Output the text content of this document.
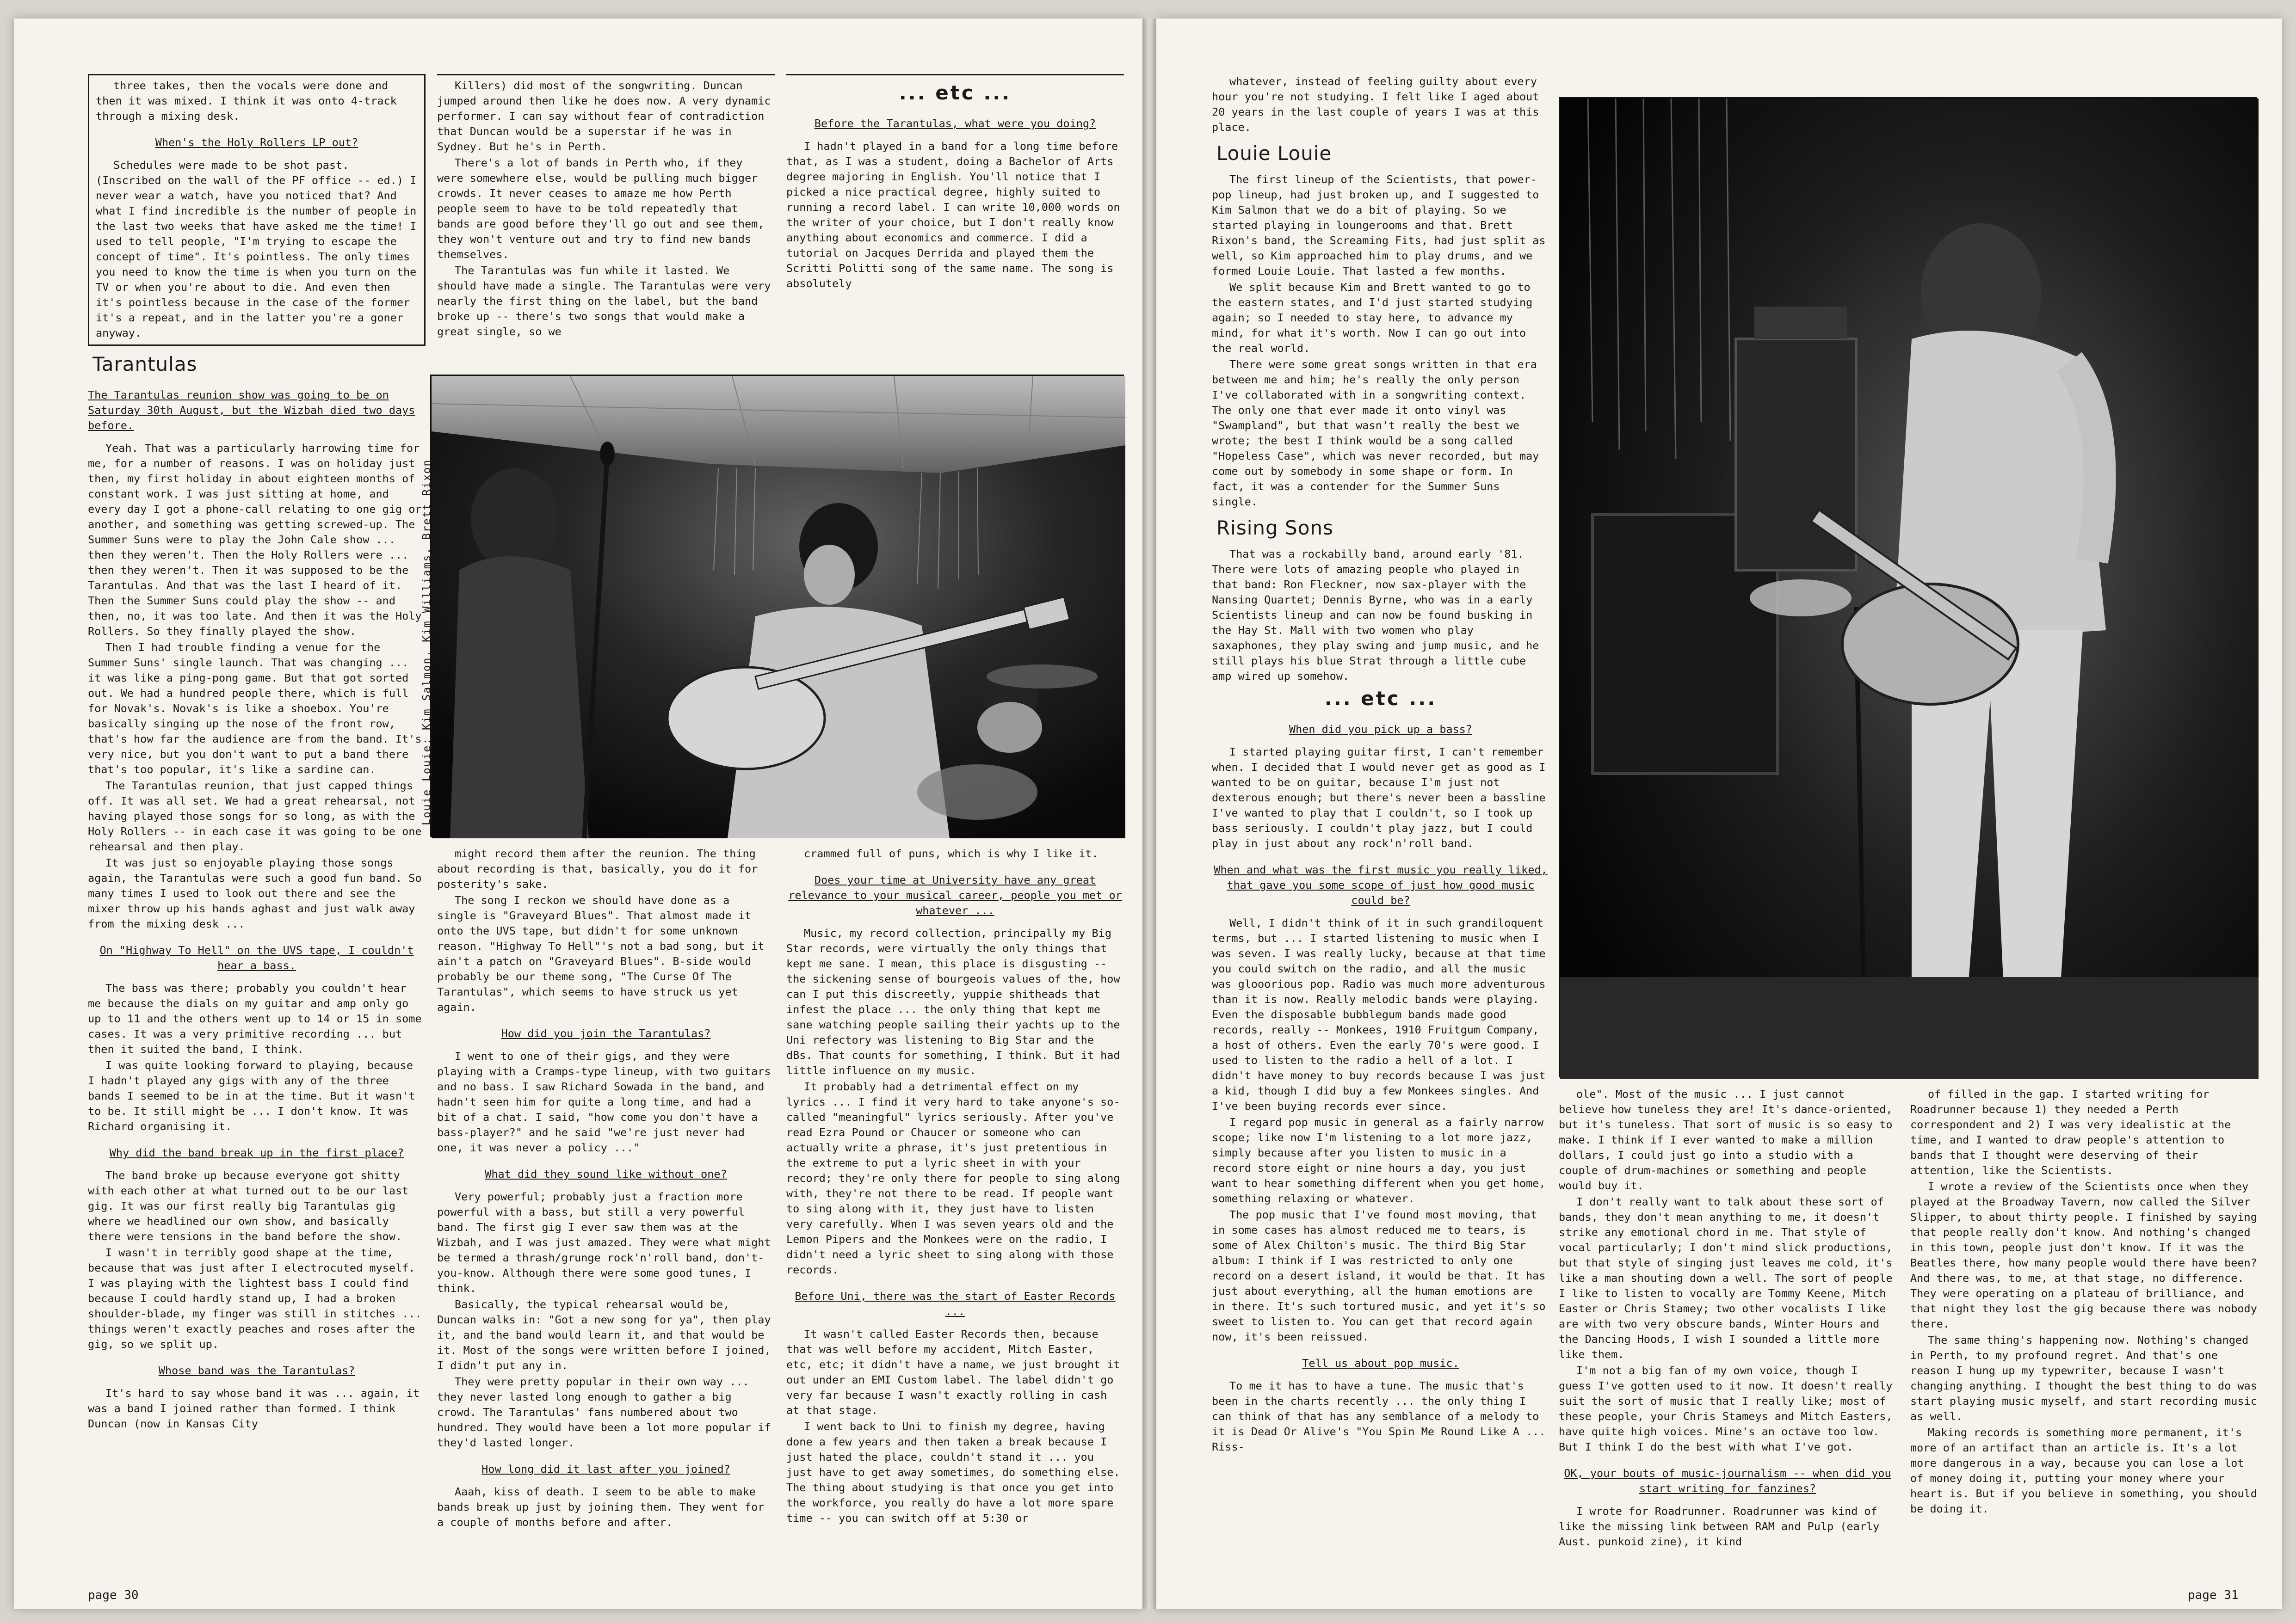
three takes, then the vocals were done and then it was mixed. I think it was onto 4-track through a mixing desk.

When's the Holy Rollers LP out?

Schedules were made to be shot past. (Inscribed on the wall of the PF office -- ed.) I never wear a watch, have you noticed that? And what I find incredible is the number of people in the last two weeks that have asked me the time! I used to tell people, "I'm trying to escape the concept of time". It's pointless. The only times you need to know the time is when you turn on the TV or when you're about to die. And even then it's pointless because in the case of the former it's a repeat, and in the latter you're a goner anyway.

Tarantulas
The Tarantulas reunion show was going to be on Saturday 30th August, but the Wizbah died two days before.

Yeah. That was a particularly harrowing time for me, for a number of reasons. I was on holiday just then, my first holiday in about eighteen months of constant work. I was just sitting at home, and every day I got a phone-call relating to one gig or another, and something was getting screwed-up. The Summer Suns were to play the John Cale show ... then they weren't. Then the Holy Rollers were ... then they weren't. Then it was supposed to be the Tarantulas. And that was the last I heard of it. Then the Summer Suns could play the show -- and then, no, it was too late. And then it was the Holy Rollers. So they finally played the show.

Then I had trouble finding a venue for the Summer Suns' single launch. That was changing ... it was like a ping-pong game. But that got sorted out. We had a hundred people there, which is full for Novak's. Novak's is like a shoebox. You're basically singing up the nose of the front row, that's how far the audience are from the band. It's very nice, but you don't want to put a band there that's too popular, it's like a sardine can.

The Tarantulas reunion, that just capped things off. It was all set. We had a great rehearsal, not having played those songs for so long, as with the Holy Rollers -- in each case it was going to be one rehearsal and then play.

It was just so enjoyable playing those songs again, the Tarantulas were such a good fun band. So many times I used to look out there and see the mixer throw up his hands aghast and just walk away from the mixing desk ...

On "Highway To Hell" on the UVS tape, I couldn't hear a bass.

The bass was there; probably you couldn't hear me because the dials on my guitar and amp only go up to 11 and the others went up to 14 or 15 in some cases. It was a very primitive recording ... but then it suited the band, I think.

I was quite looking forward to playing, because I hadn't played any gigs with any of the three bands I seemed to be in at the time. But it wasn't to be. It still might be ... I don't know. It was Richard organising it.

Why did the band break up in the first place?

The band broke up because everyone got shitty with each other at what turned out to be our last gig. It was our first really big Tarantulas gig where we headlined our own show, and basically there were tensions in the band before the show.

I wasn't in terribly good shape at the time, because that was just after I electrocuted myself. I was playing with the lightest bass I could find because I could hardly stand up, I had a broken shoulder-blade, my finger was still in stitches ... things weren't exactly peaches and roses after the gig, so we split up.

Whose band was the Tarantulas?

It's hard to say whose band it was ... again, it was a band I joined rather than formed. I think Duncan (now in Kansas City

Killers) did most of the songwriting. Duncan jumped around then like he does now. A very dynamic performer. I can say without fear of contradiction that Duncan would be a superstar if he was in Sydney. But he's in Perth.

There's a lot of bands in Perth who, if they were somewhere else, would be pulling much bigger crowds. It never ceases to amaze me how Perth people seem to have to be told repeatedly that bands are good before they'll go out and see them, they won't venture out and try to find new bands themselves.

The Tarantulas was fun while it lasted. We should have made a single. The Tarantulas were very nearly the first thing on the label, but the band broke up -- there's two songs that would make a great single, so we

... etc ...
Before the Tarantulas, what were you doing?

I hadn't played in a band for a long time before that, as I was a student, doing a Bachelor of Arts degree majoring in English. You'll notice that I picked a nice practical degree, highly suited to running a record label. I can write 10,000 words on the writer of your choice, but I don't really know anything about economics and commerce. I did a tutorial on Jacques Derrida and played them the Scritti Politti song of the same name. The song is absolutely

Louie Louie: Kim Salmon, Kim Williams, Brett Rixon

might record them after the reunion. The thing about recording is that, basically, you do it for posterity's sake.

The song I reckon we should have done as a single is "Graveyard Blues". That almost made it onto the UVS tape, but didn't for some unknown reason. "Highway To Hell"'s not a bad song, but it ain't a patch on "Graveyard Blues". B-side would probably be our theme song, "The Curse Of The Tarantulas", which seems to have struck us yet again.

How did you join the Tarantulas?

I went to one of their gigs, and they were playing with a Cramps-type lineup, with two guitars and no bass. I saw Richard Sowada in the band, and hadn't seen him for quite a long time, and had a bit of a chat. I said, "how come you don't have a bass-player?" and he said "we're just never had one, it was never a policy ..."

What did they sound like without one?

Very powerful; probably just a fraction more powerful with a bass, but still a very powerful band. The first gig I ever saw them was at the Wizbah, and I was just amazed. They were what might be termed a thrash/grunge rock'n'roll band, don't-you-know. Although there were some good tunes, I think.

Basically, the typical rehearsal would be, Duncan walks in: "Got a new song for ya", then play it, and the band would learn it, and that would be it. Most of the songs were written before I joined, I didn't put any in.

They were pretty popular in their own way ... they never lasted long enough to gather a big crowd. The Tarantulas' fans numbered about two hundred. They would have been a lot more popular if they'd lasted longer.

How long did it last after you joined?

Aaah, kiss of death. I seem to be able to make bands break up just by joining them. They went for a couple of months before and after.

crammed full of puns, which is why I like it.

Does your time at University have any great relevance to your musical career, people you met or whatever ...

Music, my record collection, principally my Big Star records, were virtually the only things that kept me sane. I mean, this place is disgusting -- the sickening sense of bourgeois values of the, how can I put this discreetly, yuppie shitheads that infest the place ... the only thing that kept me sane watching people sailing their yachts up to the Uni refectory was listening to Big Star and the dBs. That counts for something, I think. But it had little influence on my music.

It probably had a detrimental effect on my lyrics ... I find it very hard to take anyone's so-called "meaningful" lyrics seriously. After you've read Ezra Pound or Chaucer or someone who can actually write a phrase, it's just pretentious in the extreme to put a lyric sheet in with your record; they're only there for people to sing along with, they're not there to be read. If people want to sing along with it, they just have to listen very carefully. When I was seven years old and the Lemon Pipers and the Monkees were on the radio, I didn't need a lyric sheet to sing along with those records.

Before Uni, there was the start of Easter Records ...

It wasn't called Easter Records then, because that was well before my accident, Mitch Easter, etc, etc; it didn't have a name, we just brought it out under an EMI Custom label. The label didn't go very far because I wasn't exactly rolling in cash at that stage.

I went back to Uni to finish my degree, having done a few years and then taken a break because I just hated the place, couldn't stand it ... you just have to get away sometimes, do something else. The thing about studying is that once you get into the workforce, you really do have a lot more spare time -- you can switch off at 5:30 or

page 30

whatever, instead of feeling guilty about every hour you're not studying. I felt like I aged about 20 years in the last couple of years I was at this place.

Louie Louie

The first lineup of the Scientists, that power-pop lineup, had just broken up, and I suggested to Kim Salmon that we do a bit of playing. So we started playing in loungerooms and that. Brett Rixon's band, the Screaming Fits, had just split as well, so Kim approached him to play drums, and we formed Louie Louie. That lasted a few months.

We split because Kim and Brett wanted to go to the eastern states, and I'd just started studying again; so I needed to stay here, to advance my mind, for what it's worth. Now I can go out into the real world.

There were some great songs written in that era between me and him; he's really the only person I've collaborated with in a songwriting context. The only one that ever made it onto vinyl was "Swampland", but that wasn't really the best we wrote; the best I think would be a song called "Hopeless Case", which was never recorded, but may come out by somebody in some shape or form. In fact, it was a contender for the Summer Suns single.

Rising Sons

That was a rockabilly band, around early '81. There were lots of amazing people who played in that band: Ron Fleckner, now sax-player with the Nansing Quartet; Dennis Byrne, who was in a early Scientists lineup and can now be found busking in the Hay St. Mall with two women who play saxaphones, they play swing and jump music, and he still plays his blue Strat through a little cube amp wired up somehow.

... etc ...
When did you pick up a bass?

I started playing guitar first, I can't remember when. I decided that I would never get as good as I wanted to be on guitar, because I'm just not dexterous enough; but there's never been a bassline I've wanted to play that I couldn't, so I took up bass seriously. I couldn't play jazz, but I could play in just about any rock'n'roll band.

When and what was the first music you really liked, that gave you some scope of just how good music could be?

Well, I didn't think of it in such grandiloquent terms, but ... I started listening to music when I was seven. I was really lucky, because at that time you could switch on the radio, and all the music was glooorious pop. Radio was much more adventurous than it is now. Really melodic bands were playing. Even the disposable bubblegum bands made good records, really -- Monkees, 1910 Fruitgum Company, a host of others. Even the early 70's were good. I used to listen to the radio a hell of a lot. I didn't have money to buy records because I was just a kid, though I did buy a few Monkees singles. And I've been buying records ever since.

I regard pop music in general as a fairly narrow scope; like now I'm listening to a lot more jazz, simply because after you listen to music in a record store eight or nine hours a day, you just want to hear something different when you get home, something relaxing or whatever.

The pop music that I've found most moving, that in some cases has almost reduced me to tears, is some of Alex Chilton's music. The third Big Star album: I think if I was restricted to only one record on a desert island, it would be that. It has just about everything, all the human emotions are in there. It's such tortured music, and yet it's so sweet to listen to. You can get that record again now, it's been reissued.

Tell us about pop music.

To me it has to have a tune. The music that's been in the charts recently ... the only thing I can think of that has any semblance of a melody to it is Dead Or Alive's "You Spin Me Round Like A ... Riss-

ole". Most of the music ... I just cannot believe how tuneless they are! It's dance-oriented, but it's tuneless. That sort of music is so easy to make. I think if I ever wanted to make a million dollars, I could just go into a studio with a couple of drum-machines or something and people would buy it.

I don't really want to talk about these sort of bands, they don't mean anything to me, it doesn't strike any emotional chord in me. That style of vocal particularly; I don't mind slick productions, but that style of singing just leaves me cold, it's like a man shouting down a well. The sort of people I like to listen to vocally are Tommy Keene, Mitch Easter or Chris Stamey; two other vocalists I like are with two very obscure bands, Winter Hours and the Dancing Hoods, I wish I sounded a little more like them.

I'm not a big fan of my own voice, though I guess I've gotten used to it now. It doesn't really suit the sort of music that I really like; most of these people, your Chris Stameys and Mitch Easters, have quite high voices. Mine's an octave too low. But I think I do the best with what I've got.

OK, your bouts of music-journalism -- when did you start writing for fanzines?

I wrote for Roadrunner. Roadrunner was kind of like the missing link between RAM and Pulp (early Aust. punkoid zine), it kind

of filled in the gap. I started writing for Roadrunner because 1) they needed a Perth correspondent and 2) I was very idealistic at the time, and I wanted to draw people's attention to bands that I thought were deserving of their attention, like the Scientists.

I wrote a review of the Scientists once when they played at the Broadway Tavern, now called the Silver Slipper, to about thirty people. I finished by saying that people really don't know. And nothing's changed in this town, people just don't know. If it was the Beatles there, how many people would there have been? And there was, to me, at that stage, no difference. They were operating on a plateau of brilliance, and that night they lost the gig because there was nobody there.

The same thing's happening now. Nothing's changed in Perth, to my profound regret. And that's one reason I hung up my typewriter, because I wasn't changing anything. I thought the best thing to do was start playing music myself, and start recording music as well.

Making records is something more permanent, it's more of an artifact than an article is. It's a lot more dangerous in a way, because you can lose a lot of money doing it, putting your money where your heart is. But if you believe in something, you should be doing it.

page 31
